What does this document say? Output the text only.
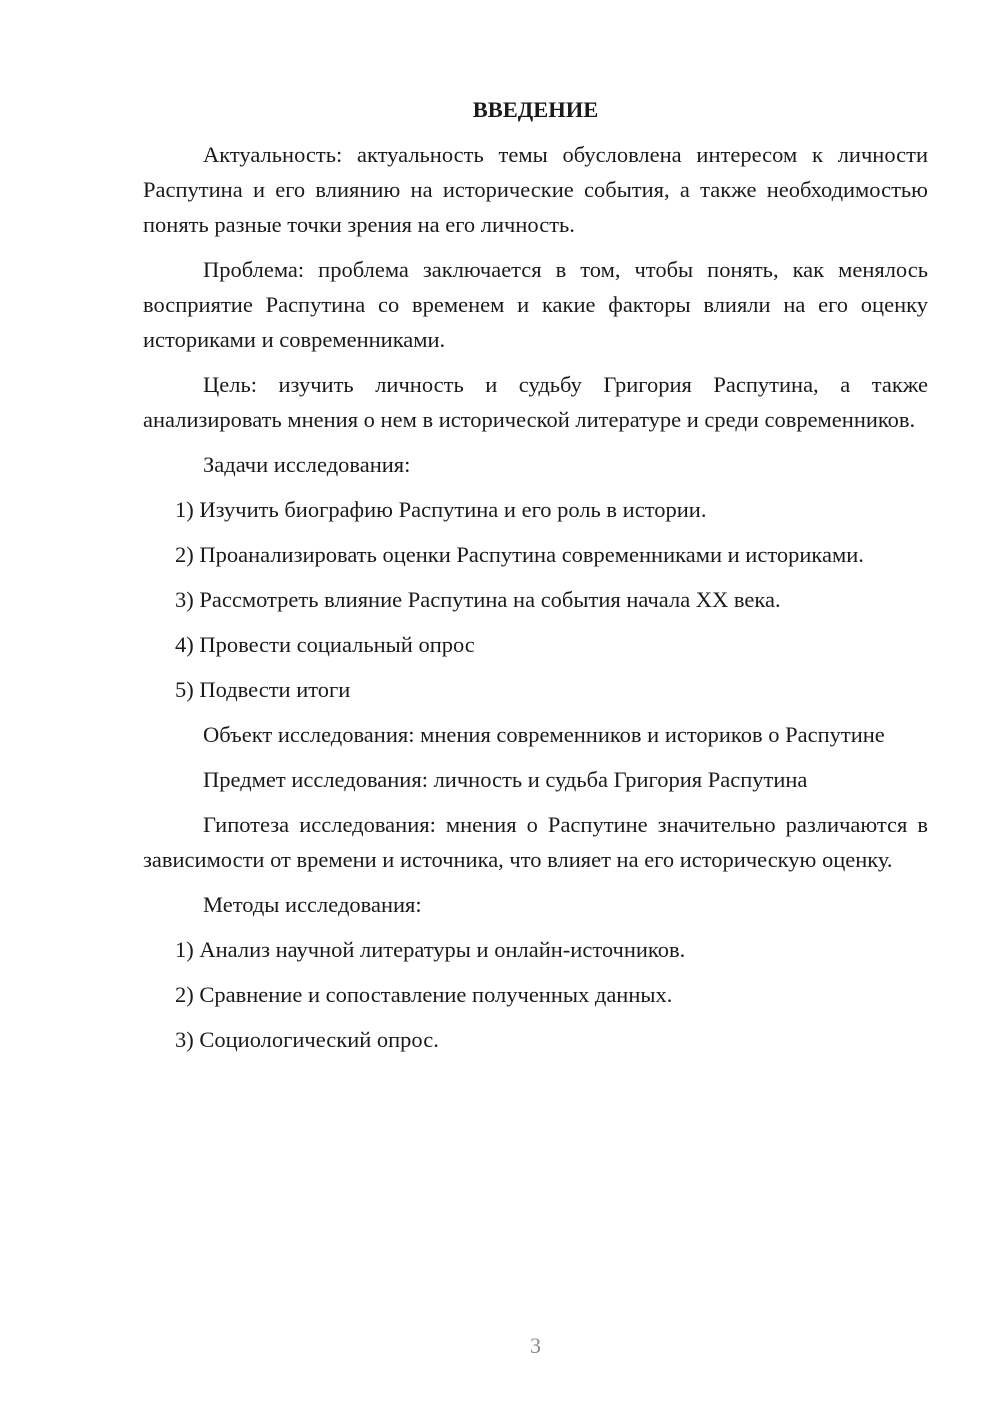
ВВЕДЕНИЕ

Актуальность: актуальность темы обусловлена интересом к личности Распутина и его влиянию на исторические события, а также необходимостью понять разные точки зрения на его личность.

Проблема: проблема заключается в том, чтобы понять, как менялось восприятие Распутина со временем и какие факторы влияли на его оценку историками и современниками.

Цель: изучить личность и судьбу Григория Распутина, а также анализировать мнения о нем в исторической литературе и среди современников.

Задачи исследования:

1) Изучить биографию Распутина и его роль в истории.

2) Проанализировать оценки Распутина современниками и историками.

3) Рассмотреть влияние Распутина на события начала XX века.

4) Провести социальный опрос

5) Подвести итоги

Объект исследования: мнения современников и историков о Распутине

Предмет исследования: личность и судьба Григория Распутина

Гипотеза исследования: мнения о Распутине значительно различаются в зависимости от времени и источника, что влияет на его историческую оценку.

Методы исследования:

1) Анализ научной литературы и онлайн-источников.

2) Сравнение и сопоставление полученных данных.

3) Социологический опрос.

3
